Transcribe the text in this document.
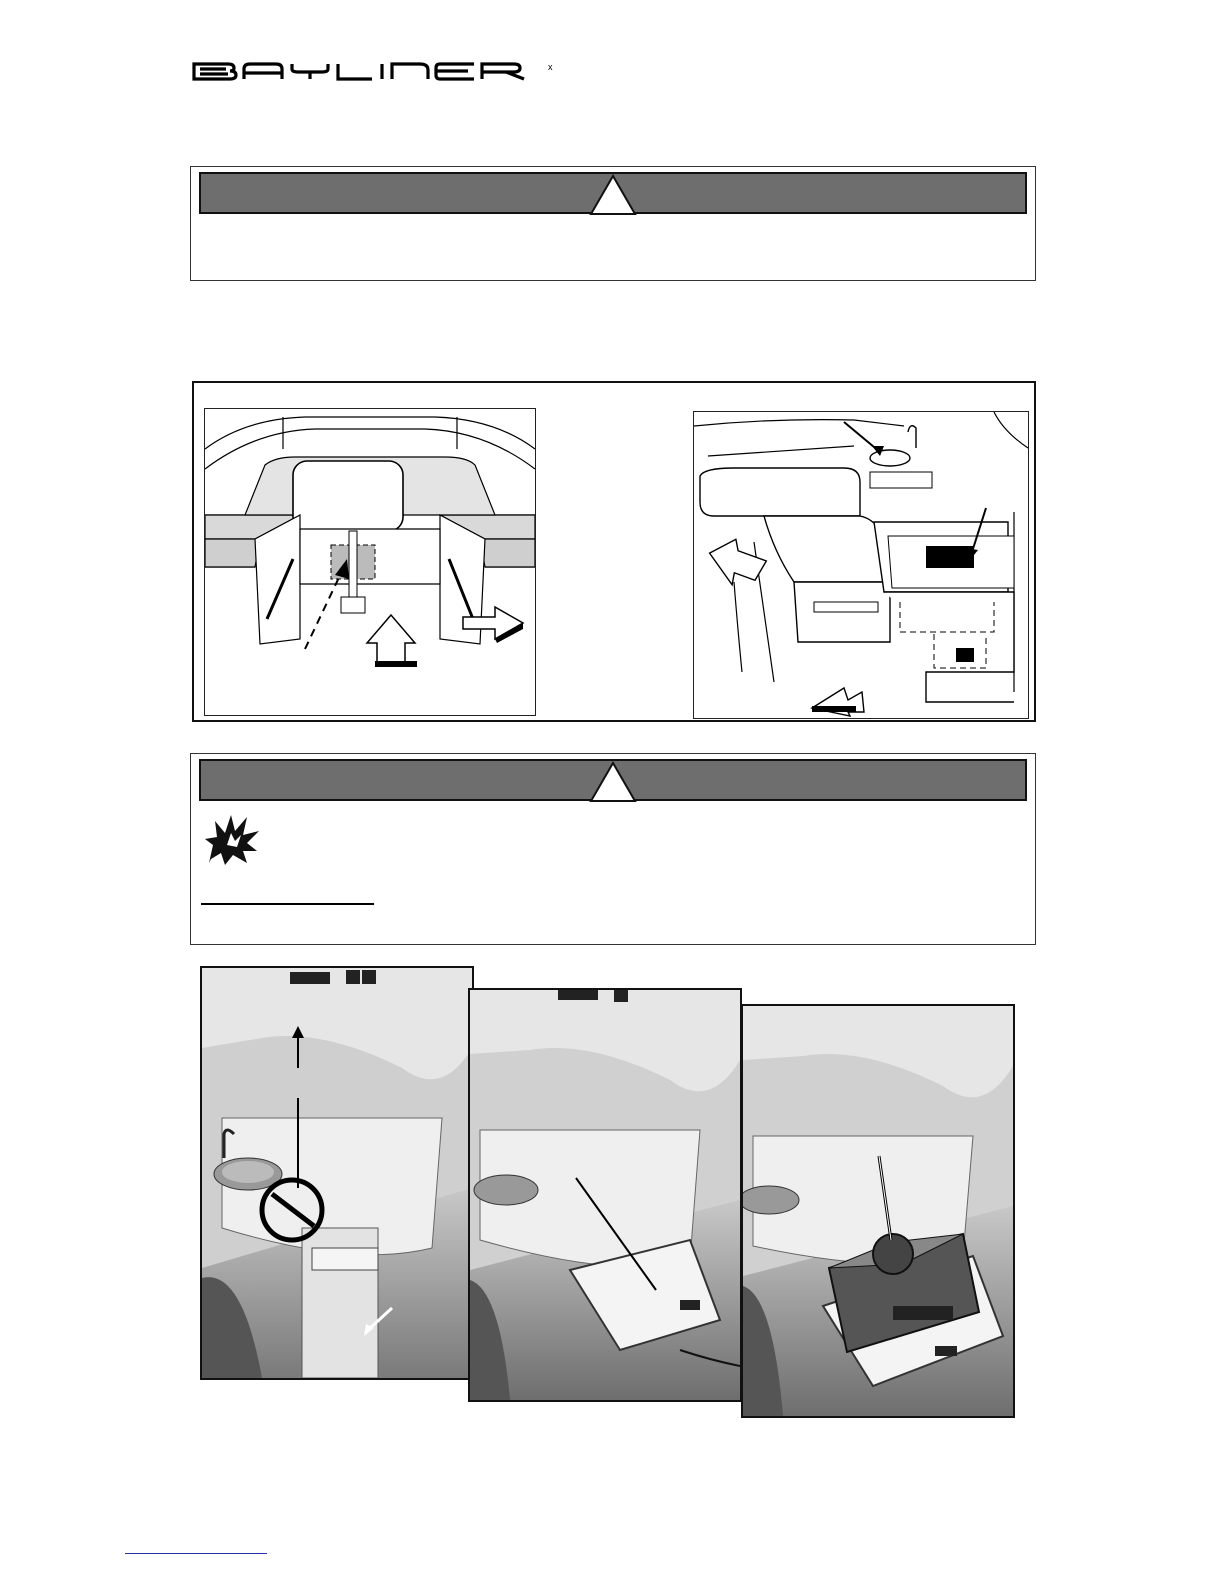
x
